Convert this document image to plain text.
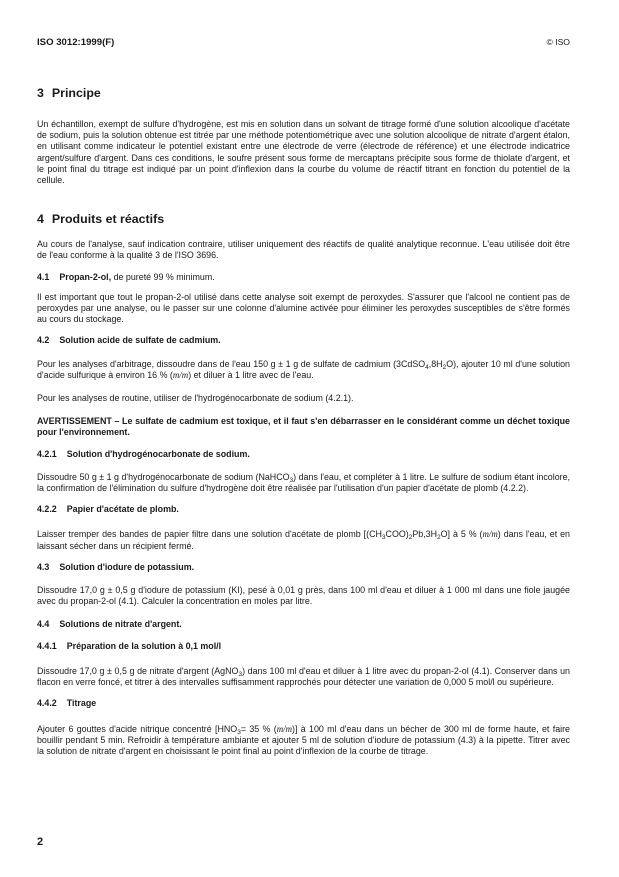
ISO 3012:1999(F)	© ISO
3 Principe

Un échantillon, exempt de sulfure d'hydrogène, est mis en solution dans un solvant de titrage formé d'une solution alcoolique d'acétate de sodium, puis la solution obtenue est titrée par une méthode potentiométrique avec une solution alcoolique de nitrate d'argent étalon, en utilisant comme indicateur le potentiel existant entre une électrode de verre (électrode de référence) et une électrode indicatrice argent/sulfure d'argent. Dans ces conditions, le soufre présent sous forme de mercaptans précipite sous forme de thiolate d'argent, et le point final du titrage est indiqué par un point d'inflexion dans la courbe du volume de réactif titrant en fonction du potentiel de la cellule.

4 Produits et réactifs

Au cours de l'analyse, sauf indication contraire, utiliser uniquement des réactifs de qualité analytique reconnue. L'eau utilisée doit être de l'eau conforme à la qualité 3 de l'ISO 3696.

4.1 Propan-2-ol, de pureté 99 % minimum.

Il est important que tout le propan-2-ol utilisé dans cette analyse soit exempt de peroxydes. S'assurer que l'alcool ne contient pas de peroxydes par une analyse, ou le passer sur une colonne d'alumine activée pour éliminer les peroxydes susceptibles de s'être formés au cours du stockage.

4.2 Solution acide de sulfate de cadmium.

Pour les analyses d'arbitrage, dissoudre dans de l'eau 150 g ± 1 g de sulfate de cadmium $(3CdSO_4,8H_2O)$, ajouter 10 ml d'une solution d'acide sulfurique à environ 16 % (m/m) et diluer à 1 litre avec de l'eau.

Pour les analyses de routine, utiliser de l'hydrogénocarbonate de sodium (4.2.1).

AVERTISSEMENT – Le sulfate de cadmium est toxique, et il faut s'en débarrasser en le considérant comme un déchet toxique pour l'environnement.

4.2.1 Solution d'hydrogénocarbonate de sodium.

Dissoudre 50 g ± 1 g d'hydrogénocarbonate de sodium (NaHCO$_3$) dans l'eau, et compléter à 1 litre. Le sulfure de sodium étant incolore, la confirmation de l'élimination du sulfure d'hydrogène doit être réalisée par l'utilisation d'un papier d'acétate de plomb (4.2.2).

4.2.2 Papier d'acétate de plomb.

Laisser tremper des bandes de papier filtre dans une solution d'acétate de plomb $[(CH_3COO)_2Pb,3H_2O]$ à 5 % (m/m) dans l'eau, et en laissant sécher dans un récipient fermé.

4.3 Solution d'iodure de potassium.

Dissoudre 17,0 g ± 0,5 g d'iodure de potassium (KI), pesé à 0,01 g près, dans 100 ml d'eau et diluer à 1 000 ml dans une fiole jaugée avec du propan-2-ol (4.1). Calculer la concentration en moles par litre.

4.4 Solutions de nitrate d'argent.
4.4.1 Préparation de la solution à 0,1 mol/l

Dissoudre 17,0 g ± 0,5 g de nitrate d'argent (AgNO$_3$) dans 100 ml d'eau et diluer à 1 litre avec du propan-2-ol (4.1). Conserver dans un flacon en verre foncé, et titrer à des intervalles suffisamment rapprochés pour détecter une variation de 0,000 5 mol/l ou supérieure.

4.4.2 Titrage

Ajouter 6 gouttes d'acide nitrique concentré [$HNO_3= 35$ % (m/m)] à 100 ml d'eau dans un bécher de 300 ml de forme haute, et faire bouillir pendant 5 min. Refroidir à température ambiante et ajouter 5 ml de solution d'iodure de potassium (4.3) à la pipette. Titrer avec la solution de nitrate d'argent en choisissant le point final au point d'inflexion de la courbe de titrage.

2
